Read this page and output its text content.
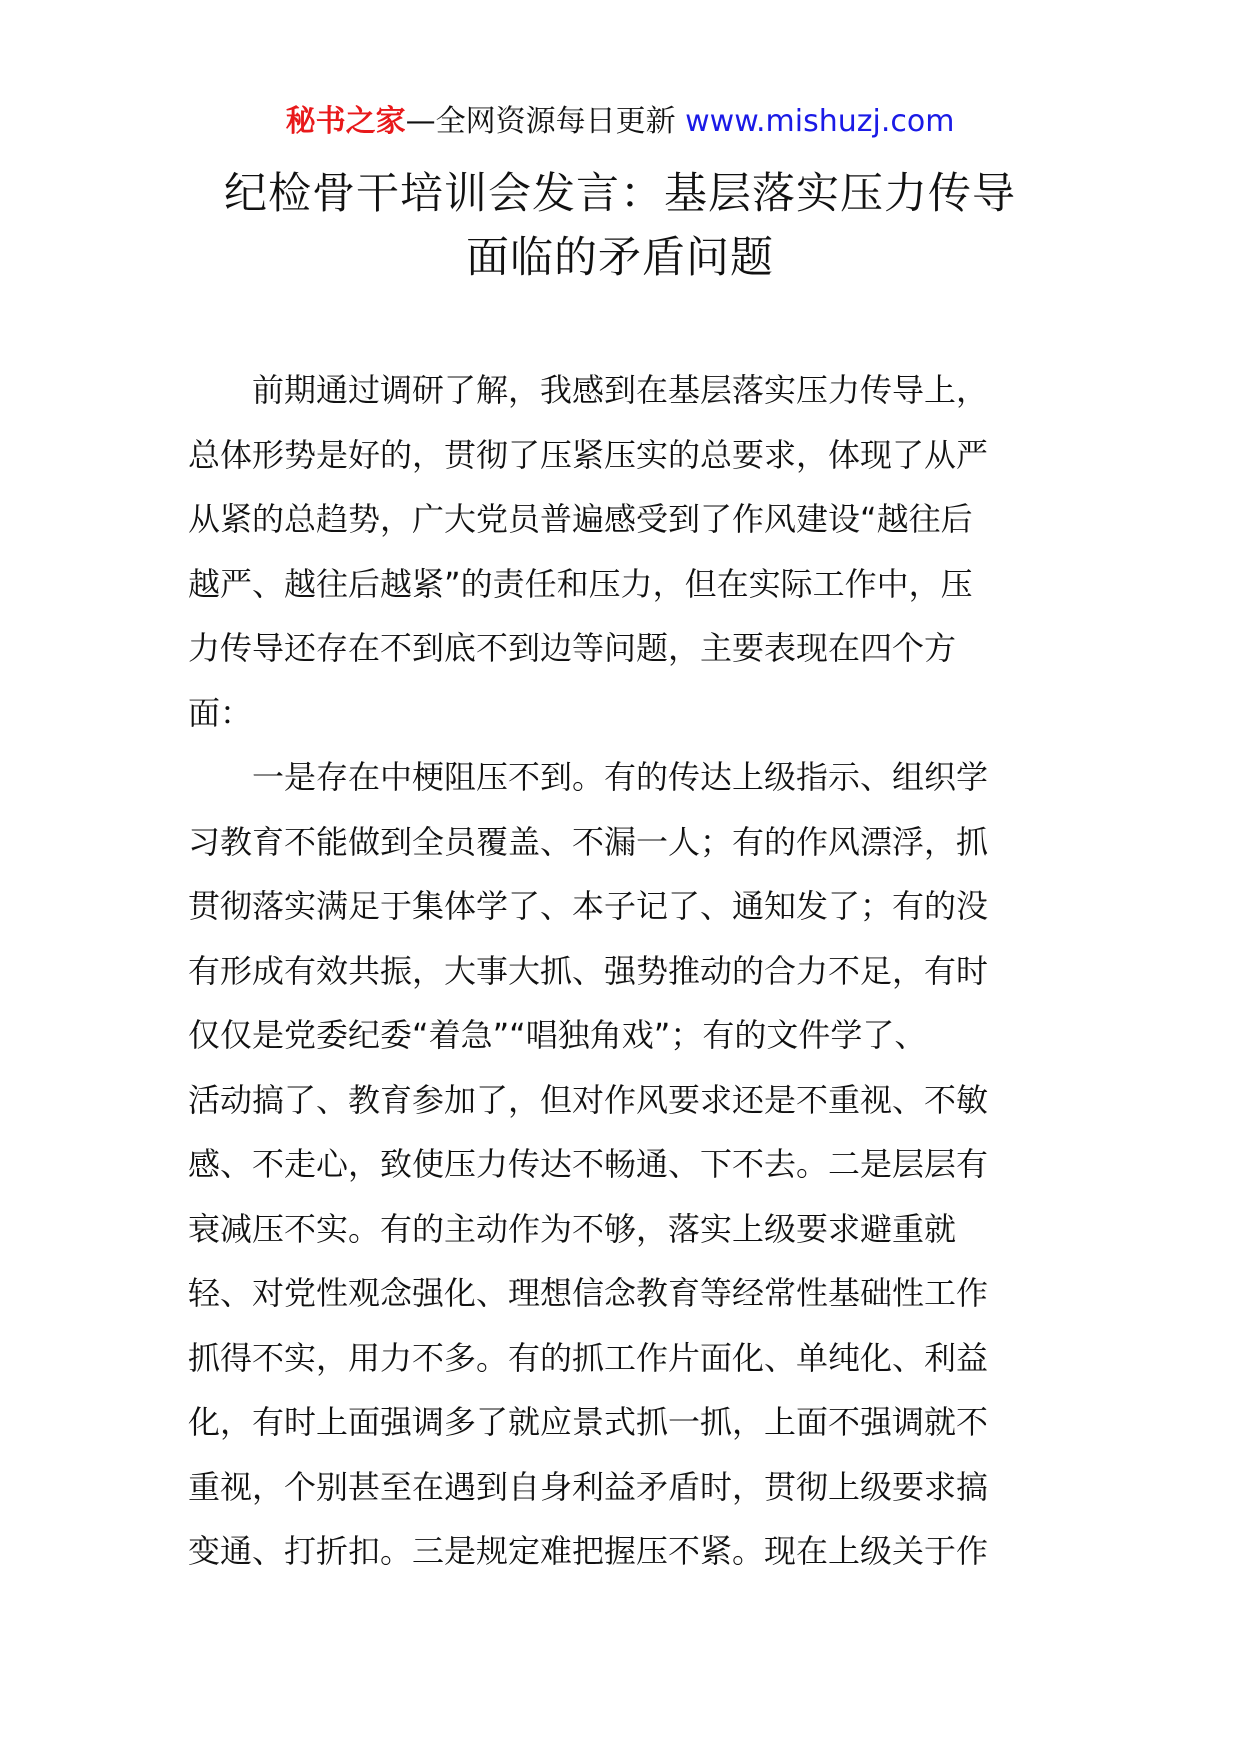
秘书之家—全网资源每日更新 www.mishuzj.com
纪检骨干培训会发言：基层落实压力传导
面临的矛盾问题
前期通过调研了解，我感到在基层落实压力传导上，
总体形势是好的，贯彻了压紧压实的总要求，体现了从严
从紧的总趋势，广大党员普遍感受到了作风建设“越往后
越严、越往后越紧”的责任和压力，但在实际工作中，压
力传导还存在不到底不到边等问题，主要表现在四个方
面：
一是存在中梗阻压不到。有的传达上级指示、组织学
习教育不能做到全员覆盖、不漏一人；有的作风漂浮，抓
贯彻落实满足于集体学了、本子记了、通知发了；有的没
有形成有效共振，大事大抓、强势推动的合力不足，有时
仅仅是党委纪委“着急”“唱独角戏”；有的文件学了、
活动搞了、教育参加了，但对作风要求还是不重视、不敏
感、不走心，致使压力传达不畅通、下不去。二是层层有
衰减压不实。有的主动作为不够，落实上级要求避重就
轻、对党性观念强化、理想信念教育等经常性基础性工作
抓得不实，用力不多。有的抓工作片面化、单纯化、利益
化，有时上面强调多了就应景式抓一抓，上面不强调就不
重视，个别甚至在遇到自身利益矛盾时，贯彻上级要求搞
变通、打折扣。三是规定难把握压不紧。现在上级关于作
